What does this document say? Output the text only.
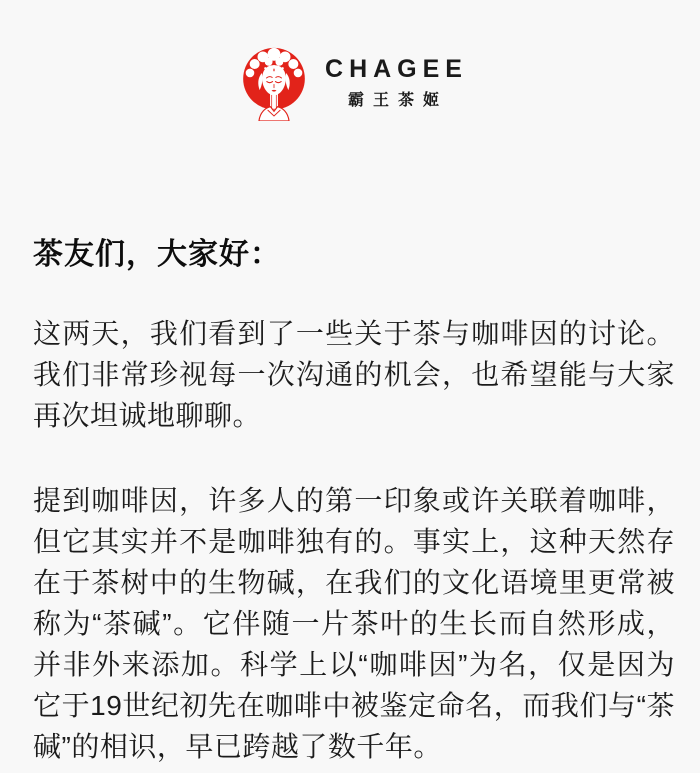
CHAGEE
霸王茶姬
茶友们，大家好：

这两天，我们看到了一些关于茶与咖啡因的讨论。我们非常珍视每一次沟通的机会，也希望能与大家再次坦诚地聊聊。

提到咖啡因，许多人的第一印象或许关联着咖啡，但它其实并不是咖啡独有的。事实上，这种天然存在于茶树中的生物碱，在我们的文化语境里更常被称为“茶碱”。它伴随一片茶叶的生长而自然形成，并非外来添加。科学上以“咖啡因”为名，仅是因为它于19世纪初先在咖啡中被鉴定命名，而我们与“茶碱”的相识，早已跨越了数千年。
